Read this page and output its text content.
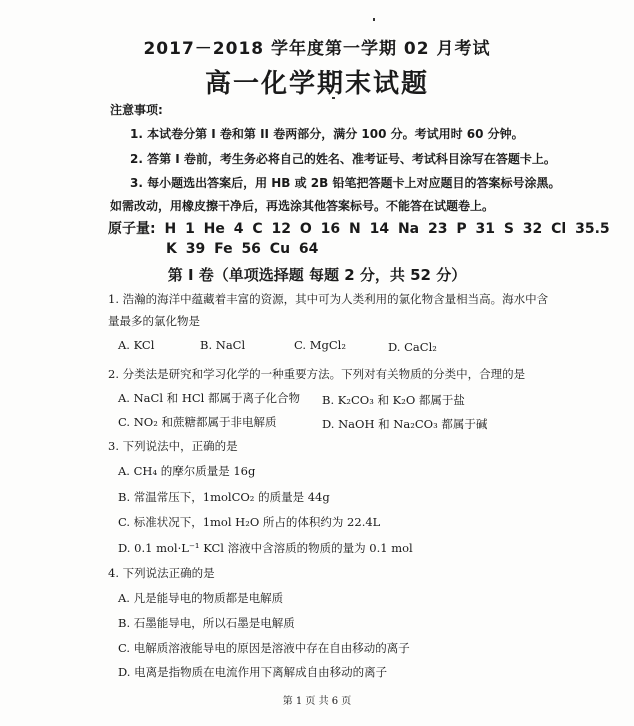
2017－2018 学年度第一学期 02 月考试
高一化学期末试题
注意事项:
1. 本试卷分第 I 卷和第 II 卷两部分，满分 100 分。考试用时 60 分钟。
2. 答第 I 卷前，考生务必将自己的姓名、准考证号、考试科目涂写在答题卡上。
3. 每小题选出答案后，用 HB 或 2B 铅笔把答题卡上对应题目的答案标号涂黑。
如需改动，用橡皮擦干净后，再选涂其他答案标号。不能答在试题卷上。
原子量: H 1 He 4 C 12 O 16 N 14 Na 23 P 31 S 32 Cl 35.5
K 39 Fe 56 Cu 64
第 I 卷（单项选择题 每题 2 分，共 52 分）
1. 浩瀚的海洋中蕴藏着丰富的资源，其中可为人类利用的氯化物含量相当高。海水中含
量最多的氯化物是
A. KCl	B. NaCl	C. MgCl₂	D. CaCl₂
2. 分类法是研究和学习化学的一种重要方法。下列对有关物质的分类中，合理的是
A. NaCl 和 HCl 都属于离子化合物 B. K₂CO₃ 和 K₂O 都属于盐
C. NO₂ 和蔗糖都属于非电解质	D. NaOH 和 Na₂CO₃ 都属于碱
3. 下列说法中，正确的是
A. CH₄ 的摩尔质量是 16g
B. 常温常压下，1molCO₂ 的质量是 44g
C. 标准状况下，1mol H₂O 所占的体积约为 22.4L
D. 0.1 mol·L⁻¹ KCl 溶液中含溶质的物质的量为 0.1 mol
4. 下列说法正确的是
A. 凡是能导电的物质都是电解质
B. 石墨能导电，所以石墨是电解质
C. 电解质溶液能导电的原因是溶液中存在自由移动的离子
D. 电离是指物质在电流作用下离解成自由移动的离子
第 1 页 共 6 页
